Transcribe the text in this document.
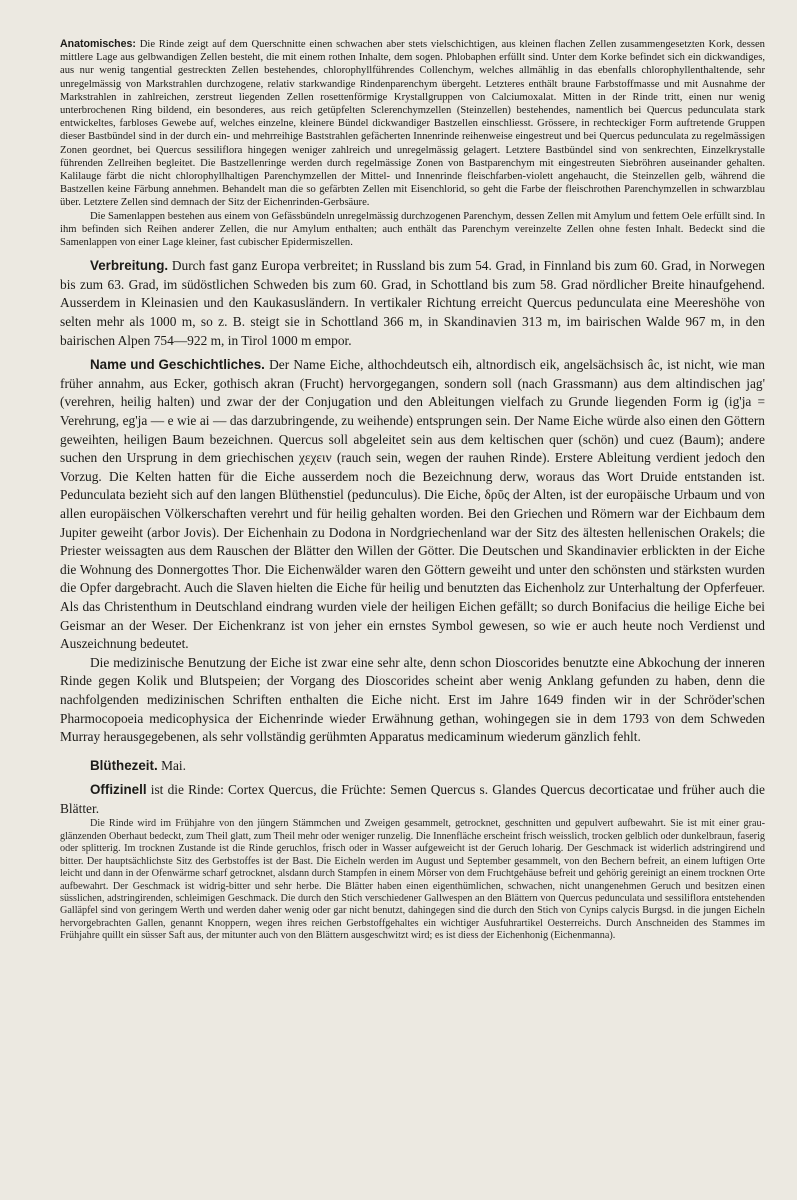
Anatomisches: Die Rinde zeigt auf dem Querschnitte einen schwachen aber stets vielschichtigen, aus kleinen flachen Zellen zusammengesetzten Kork, dessen mittlere Lage aus gelbwandigen Zellen besteht, die mit einem rothen Inhalte, dem sogen. Phlobaphen erfüllt sind. Unter dem Korke befindet sich ein dickwandiges, aus nur wenig tangential gestreckten Zellen bestehendes, chlorophyllführendes Collenchym, welches allmählig in das ebenfalls chlorophyllenthaltende, sehr unregelmässig von Markstrahlen durchzogene, relativ starkwandige Rindenparenchym übergeht. Letzteres enthält braune Farbstoffmasse und mit Ausnahme der Markstrahlen in zahlreichen, zerstreut liegenden Zellen rosettenförmige Krystallgruppen von Calciumoxalat. Mitten in der Rinde tritt, einen nur wenig unterbrochenen Ring bildend, ein besonderes, aus reich getüpfelten Sclerenchymzellen (Steinzellen) bestehendes, namentlich bei Quercus pedunculata stark entwickeltes, farbloses Gewebe auf, welches einzelne, kleinere Bündel dickwandiger Bastzellen einschliesst. Grössere, in rechteckiger Form auftretende Gruppen dieser Bastbündel sind in der durch ein- und mehrreihige Baststrahlen gefächerten Innenrinde reihenweise eingestreut und bei Quercus pedunculata zu regelmässigen Zonen geordnet, bei Quercus sessiliflora hingegen weniger zahlreich und unregelmässig gelagert. Letztere Bastbündel sind von senkrechten, Einzelkrystalle führenden Zellreihen begleitet. Die Bastzellenringe werden durch regelmässige Zonen von Bastparenchym mit eingestreuten Siebröhren auseinander gehalten. Kalilauge färbt die nicht chlorophyllhaltigen Parenchymzellen der Mittel- und Innenrinde fleischfarben-violett angehaucht, die Steinzellen gelb, während die Bastzellen keine Färbung annehmen. Behandelt man die so gefärbten Zellen mit Eisenchlorid, so geht die Farbe der fleischrothen Parenchymzellen in schwarzblau über. Letztere Zellen sind demnach der Sitz der Eichenrinden-Gerbsäure.

Die Samenlappen bestehen aus einem von Gefässbündeln unregelmässig durchzogenen Parenchym, dessen Zellen mit Amylum und fettem Oele erfüllt sind. In ihm befinden sich Reihen anderer Zellen, die nur Amylum enthalten; auch enthält das Parenchym vereinzelte Zellen ohne festen Inhalt. Bedeckt sind die Samenlappen von einer Lage kleiner, fast cubischer Epidermiszellen.

Verbreitung. Durch fast ganz Europa verbreitet; in Russland bis zum 54. Grad, in Finnland bis zum 60. Grad, in Norwegen bis zum 63. Grad, im südöstlichen Schweden bis zum 60. Grad, in Schottland bis zum 58. Grad nördlicher Breite hinaufgehend. Ausserdem in Kleinasien und den Kaukasusländern. In vertikaler Richtung erreicht Quercus pedunculata eine Meereshöhe von selten mehr als 1000 m, so z. B. steigt sie in Schottland 366 m, in Skandinavien 313 m, im bairischen Walde 967 m, in den bairischen Alpen 754—922 m, in Tirol 1000 m empor.

Name und Geschichtliches. Der Name Eiche, althochdeutsch eih, altnordisch eik, angelsächsisch âc, ist nicht, wie man früher annahm, aus Ecker, gothisch akran (Frucht) hervorgegangen, sondern soll (nach Grassmann) aus dem altindischen jag' (verehren, heilig halten) und zwar der der Conjugation und den Ableitungen vielfach zu Grunde liegenden Form ig (ig'ja = Verehrung, eg'ja — e wie ai — das darzubringende, zu weihende) entsprungen sein. Der Name Eiche würde also einen den Göttern geweihten, heiligen Baum bezeichnen. Quercus soll abgeleitet sein aus dem keltischen quer (schön) und cuez (Baum); andere suchen den Ursprung in dem griechischen χεχειν (rauch sein, wegen der rauhen Rinde). Erstere Ableitung verdient jedoch den Vorzug. Die Kelten hatten für die Eiche ausserdem noch die Bezeichnung derw, woraus das Wort Druide entstanden ist. Pedunculata bezieht sich auf den langen Blüthenstiel (pedunculus). Die Eiche, δρῦς der Alten, ist der europäische Urbaum und von allen europäischen Völkerschaften verehrt und für heilig gehalten worden. Bei den Griechen und Römern war der Eichbaum dem Jupiter geweiht (arbor Jovis). Der Eichenhain zu Dodona in Nordgriechenland war der Sitz des ältesten hellenischen Orakels; die Priester weissagten aus dem Rauschen der Blätter den Willen der Götter. Die Deutschen und Skandinavier erblickten in der Eiche die Wohnung des Donnergottes Thor. Die Eichenwälder waren den Göttern geweiht und unter den schönsten und stärksten wurden die Opfer dargebracht. Auch die Slaven hielten die Eiche für heilig und benutzten das Eichenholz zur Unterhaltung der Opferfeuer. Als das Christenthum in Deutschland eindrang wurden viele der heiligen Eichen gefällt; so durch Bonifacius die heilige Eiche bei Geismar an der Weser. Der Eichenkranz ist von jeher ein ernstes Symbol gewesen, so wie er auch heute noch Verdienst und Auszeichnung bedeutet.

Die medizinische Benutzung der Eiche ist zwar eine sehr alte, denn schon Dioscorides benutzte eine Abkochung der inneren Rinde gegen Kolik und Blutspeien; der Vorgang des Dioscorides scheint aber wenig Anklang gefunden zu haben, denn die nachfolgenden medizinischen Schriften enthalten die Eiche nicht. Erst im Jahre 1649 finden wir in der Schröder'schen Pharmocopoeia medicophysica der Eichenrinde wieder Erwähnung gethan, wohingegen sie in dem 1793 von dem Schweden Murray herausgegebenen, als sehr vollständig gerühmten Apparatus medicaminum wiederum gänzlich fehlt.

Blüthezeit. Mai.

Offizinell ist die Rinde: Cortex Quercus, die Früchte: Semen Quercus s. Glandes Quercus decorticatae und früher auch die Blätter.

Die Rinde wird im Frühjahre von den jüngern Stämmchen und Zweigen gesammelt, getrocknet, geschnitten und gepulvert aufbewahrt. Sie ist mit einer grau-glänzenden Oberhaut bedeckt, zum Theil glatt, zum Theil mehr oder weniger runzelig. Die Innenfläche erscheint frisch weisslich, trocken gelblich oder dunkelbraun, faserig oder splitterig. Im trocknen Zustande ist die Rinde geruchlos, frisch oder in Wasser aufgeweicht ist der Geruch loharig. Der Geschmack ist widerlich adstringirend und bitter. Der hauptsächlichste Sitz des Gerbstoffes ist der Bast. Die Eicheln werden im August und September gesammelt, von den Bechern befreit, an einem luftigen Orte leicht und dann in der Ofenwärme scharf getrocknet, alsdann durch Stampfen in einem Mörser von dem Fruchtgehäuse befreit und gehörig gereinigt an einem trocknen Orte aufbewahrt. Der Geschmack ist widrig-bitter und sehr herbe. Die Blätter haben einen eigenthümlichen, schwachen, nicht unangenehmen Geruch und besitzen einen süsslichen, adstringirenden, schleimigen Geschmack. Die durch den Stich verschiedener Gallwespen an den Blättern von Quercus pedunculata und sessiliflora entstehenden Galläpfel sind von geringem Werth und werden daher wenig oder gar nicht benutzt, dahingegen sind die durch den Stich von Cynips calycis Burgsd. in die jungen Eicheln hervorgebrachten Gallen, genannt Knoppern, wegen ihres reichen Gerbstoffgehaltes ein wichtiger Ausfuhrartikel Oesterreichs. Durch Anschneiden des Stammes im Frühjahre quillt ein süsser Saft aus, der mitunter auch von den Blättern ausgeschwitzt wird; es ist diess der Eichenhonig (Eichenmanna).
